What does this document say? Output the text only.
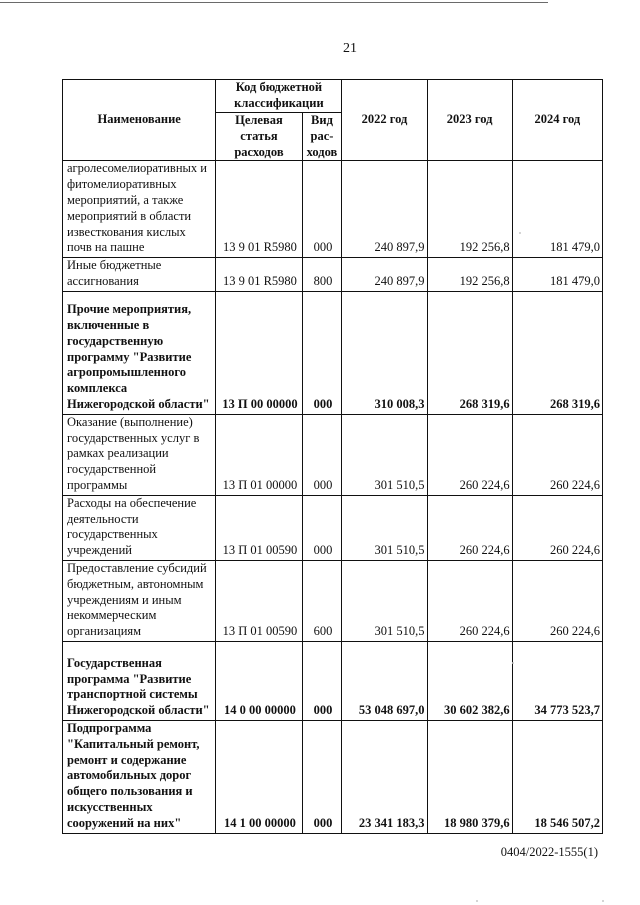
21
Наименование	Код бюджетной классификации		2022 год	2023 год	2024 год
	Целевая статья расходов	Вид рас-ходов			
агролесомелиоративных и фитомелиоративных мероприятий, а также мероприятий в области известкования кислых почв на пашне	13 9 01 R5980	000	240 897,9	192 256,8	181 479,0
Иные бюджетные ассигнования	13 9 01 R5980	800	240 897,9	192 256,8	181 479,0
Прочие мероприятия, включенные в государственную программу "Развитие агропромышленного комплекса Нижегородской области"	13 П 00 00000	000	310 008,3	268 319,6	268 319,6
Оказание (выполнение) государственных услуг в рамках реализации государственной программы	13 П 01 00000	000	301 510,5	260 224,6	260 224,6
Расходы на обеспечение деятельности государственных учреждений	13 П 01 00590	000	301 510,5	260 224,6	260 224,6
Предоставление субсидий бюджетным, автономным учреждениям и иным некоммерческим организациям	13 П 01 00590	600	301 510,5	260 224,6	260 224,6
Государственная программа "Развитие транспортной системы Нижегородской области"	14 0 00 00000	000	53 048 697,0	30 602 382,6	34 773 523,7
Подпрограмма "Капитальный ремонт, ремонт и содержание автомобильных дорог общего пользования и искусственных сооружений на них"	14 1 00 00000	000	23 341 183,3	18 980 379,6	18 546 507,2
0404/2022-1555(1)
